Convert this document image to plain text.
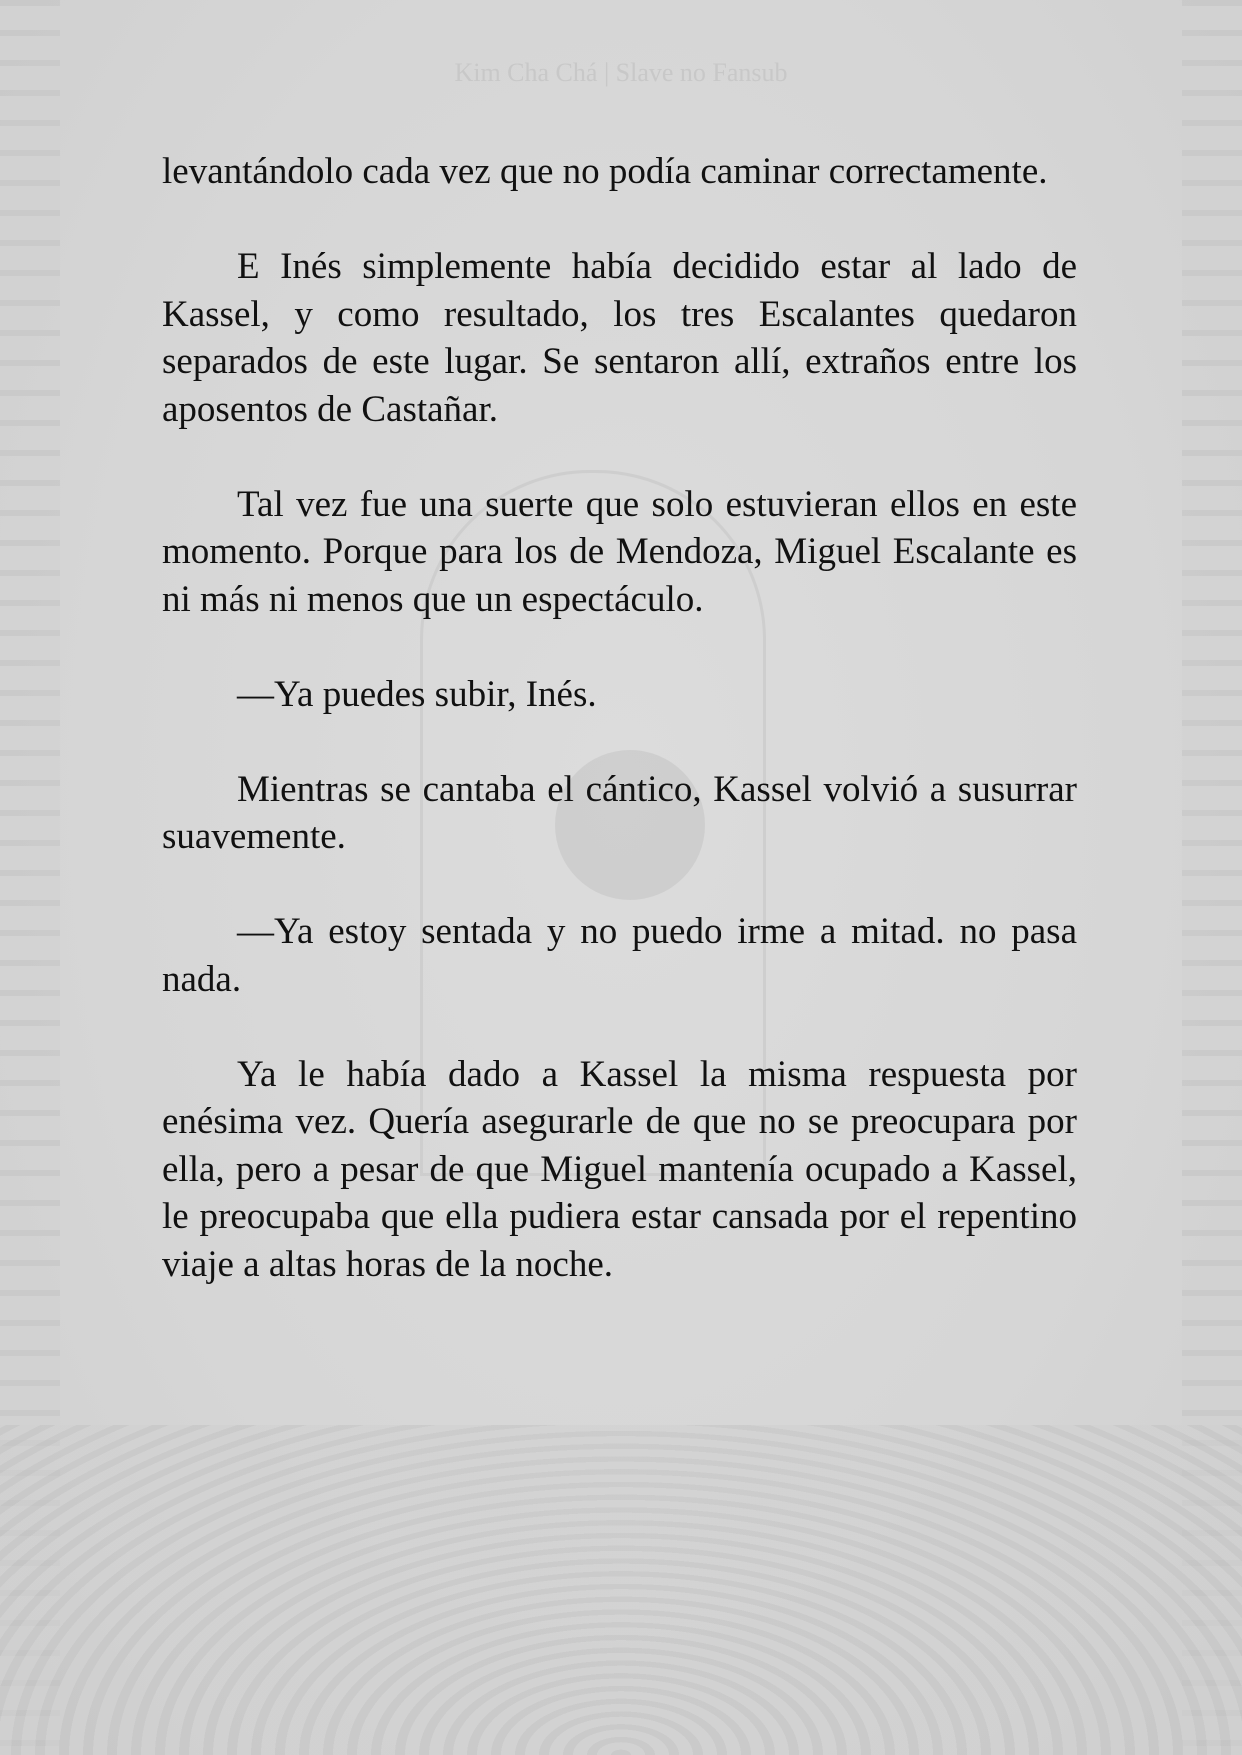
Kim Cha Chá | Slave no Fansub

levantándolo cada vez que no podía caminar correctamente.

E Inés simplemente había decidido estar al lado de Kassel, y como resultado, los tres Escalantes quedaron separados de este lugar. Se sentaron allí, extraños entre los aposentos de Castañar.

Tal vez fue una suerte que solo estuvieran ellos en este momento. Porque para los de Mendoza, Miguel Escalante es ni más ni menos que un espectáculo.

—Ya puedes subir, Inés.

Mientras se cantaba el cántico, Kassel volvió a susurrar suavemente.

—Ya estoy sentada y no puedo irme a mitad. no pasa nada.

Ya le había dado a Kassel la misma respuesta por enésima vez. Quería asegurarle de que no se preocupara por ella, pero a pesar de que Miguel mantenía ocupado a Kassel, le preocupaba que ella pudiera estar cansada por el repentino viaje a altas horas de la noche.
